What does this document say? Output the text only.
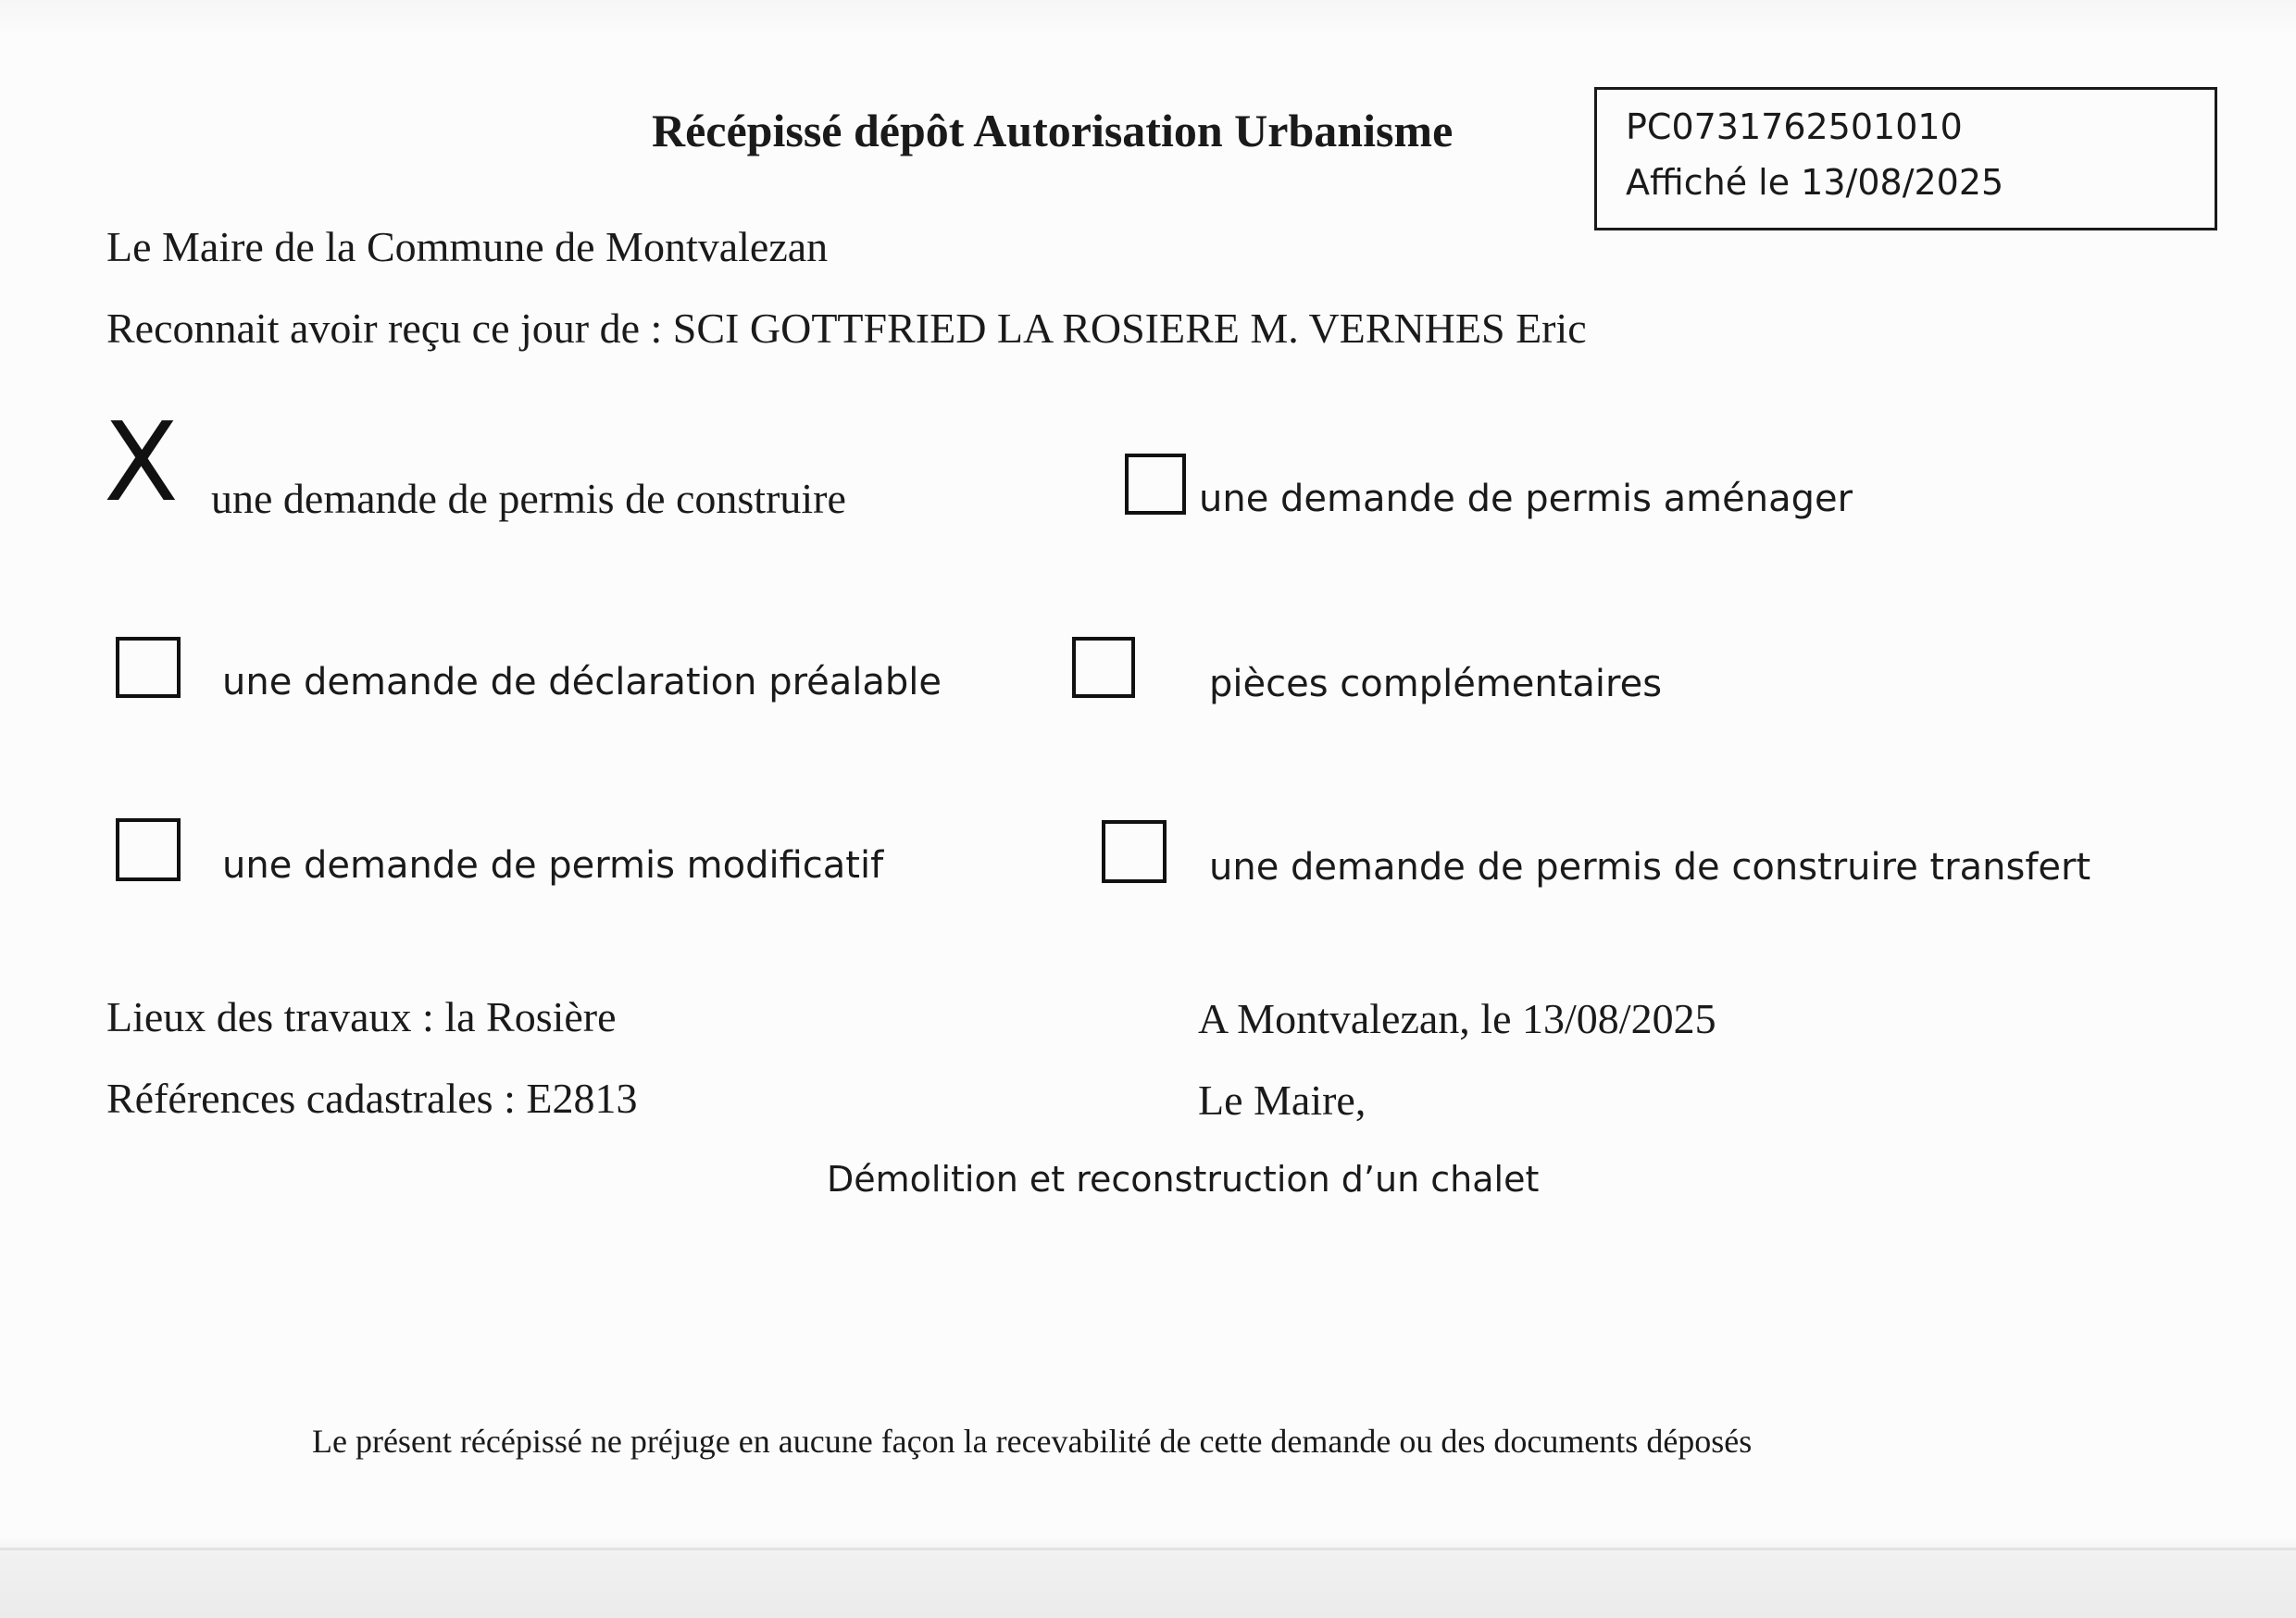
Récépissé dépôt Autorisation Urbanisme	PC0731762501010
Affiché le 13/08/2025
Le Maire de la Commune de Montvalezan
Reconnait avoir reçu ce jour de : SCI GOTTFRIED LA ROSIERE M. VERNHES Eric
X une demande de permis de construire	une demande de permis aménager
une demande de déclaration préalable	pièces complémentaires
une demande de permis modificatif	une demande de permis de construire transfert
Lieux des travaux : la Rosière
Références cadastrales : E2813
A Montvalezan, le 13/08/2025
Le Maire,
Démolition et reconstruction d’un chalet
Le présent récépissé ne préjuge en aucune façon la recevabilité de cette demande ou des documents déposés
